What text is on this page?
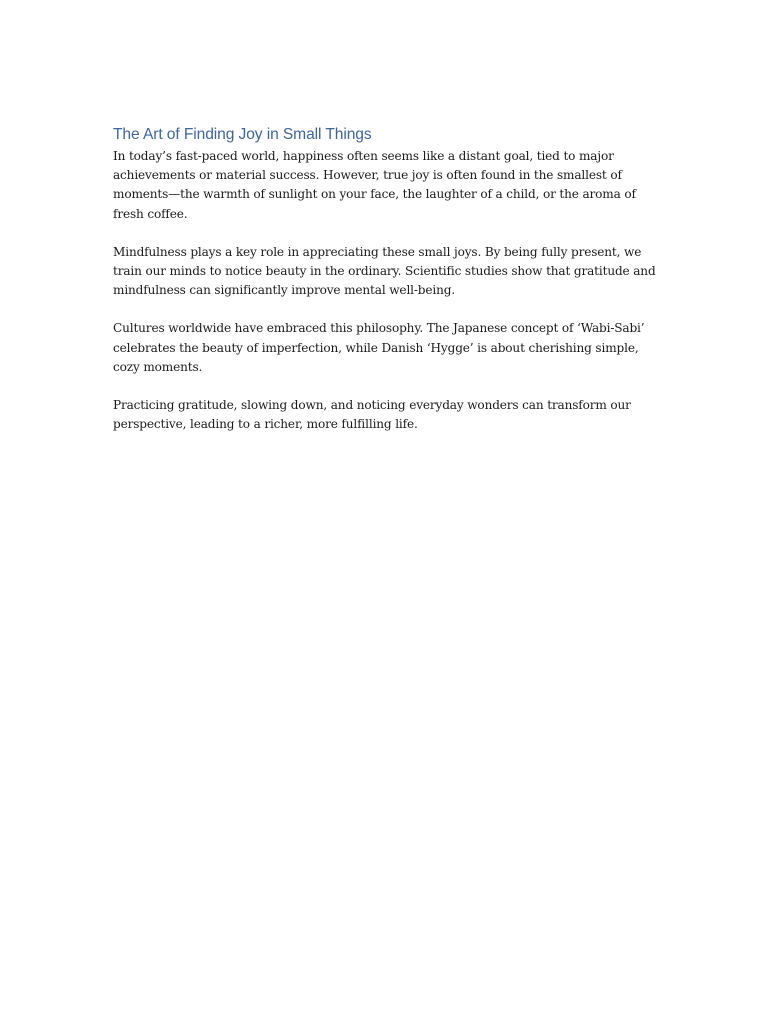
The Art of Finding Joy in Small Things

In today’s fast-paced world, happiness often seems like a distant goal, tied to major achievements or material success. However, true joy is often found in the smallest of moments—the warmth of sunlight on your face, the laughter of a child, or the aroma of fresh coffee.

Mindfulness plays a key role in appreciating these small joys. By being fully present, we train our minds to notice beauty in the ordinary. Scientific studies show that gratitude and mindfulness can significantly improve mental well-being.

Cultures worldwide have embraced this philosophy. The Japanese concept of ‘Wabi-Sabi’ celebrates the beauty of imperfection, while Danish ‘Hygge’ is about cherishing simple, cozy moments.

Practicing gratitude, slowing down, and noticing everyday wonders can transform our perspective, leading to a richer, more fulfilling life.
